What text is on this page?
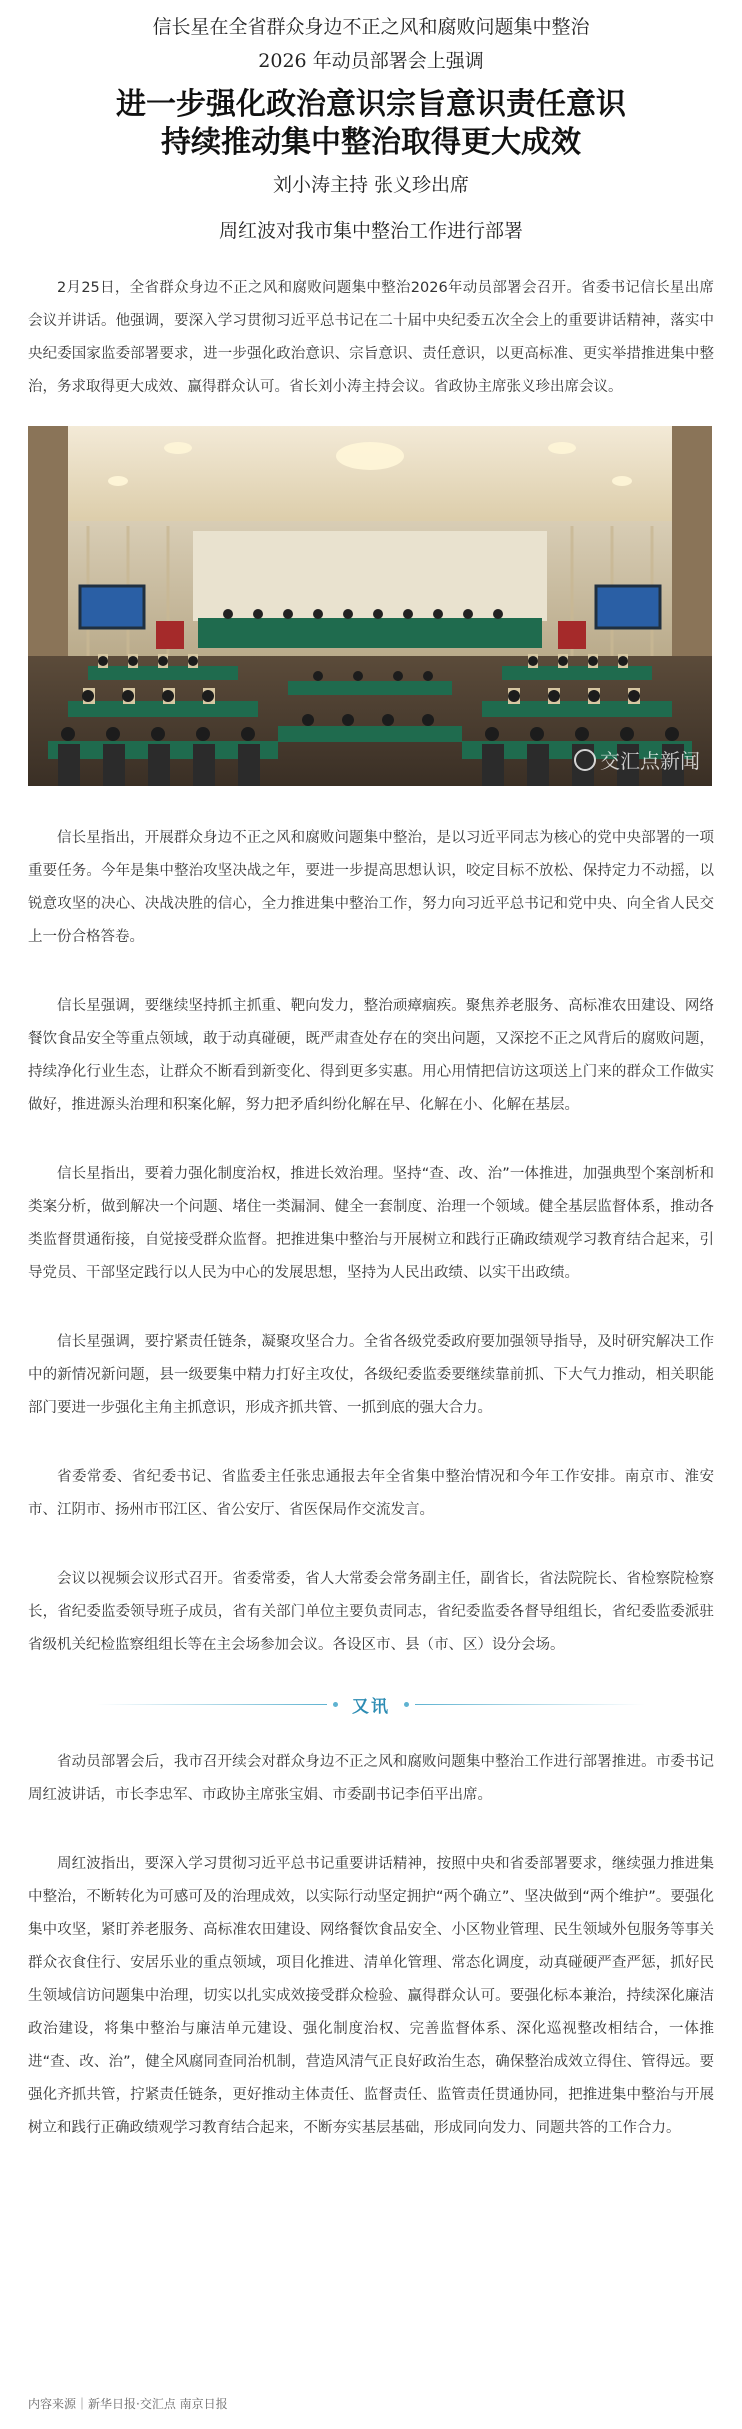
信长星在全省群众身边不正之风和腐败问题集中整治
2026 年动员部署会上强调
进一步强化政治意识宗旨意识责任意识
持续推动集中整治取得更大成效
刘小涛主持 张义珍出席
周红波对我市集中整治工作进行部署

2月25日，全省群众身边不正之风和腐败问题集中整治2026年动员部署会召开。省委书记信长星出席会议并讲话。他强调，要深入学习贯彻习近平总书记在二十届中央纪委五次全会上的重要讲话精神，落实中央纪委国家监委部署要求，进一步强化政治意识、宗旨意识、责任意识，以更高标准、更实举措推进集中整治，务求取得更大成效、赢得群众认可。省长刘小涛主持会议。省政协主席张义珍出席会议。

交汇点新闻

信长星指出，开展群众身边不正之风和腐败问题集中整治，是以习近平同志为核心的党中央部署的一项重要任务。今年是集中整治攻坚决战之年，要进一步提高思想认识，咬定目标不放松、保持定力不动摇，以锐意攻坚的决心、决战决胜的信心，全力推进集中整治工作，努力向习近平总书记和党中央、向全省人民交上一份合格答卷。

信长星强调，要继续坚持抓主抓重、靶向发力，整治顽瘴痼疾。聚焦养老服务、高标准农田建设、网络餐饮食品安全等重点领域，敢于动真碰硬，既严肃查处存在的突出问题，又深挖不正之风背后的腐败问题，持续净化行业生态，让群众不断看到新变化、得到更多实惠。用心用情把信访这项送上门来的群众工作做实做好，推进源头治理和积案化解，努力把矛盾纠纷化解在早、化解在小、化解在基层。

信长星指出，要着力强化制度治权，推进长效治理。坚持“查、改、治”一体推进，加强典型个案剖析和类案分析，做到解决一个问题、堵住一类漏洞、健全一套制度、治理一个领域。健全基层监督体系，推动各类监督贯通衔接，自觉接受群众监督。把推进集中整治与开展树立和践行正确政绩观学习教育结合起来，引导党员、干部坚定践行以人民为中心的发展思想，坚持为人民出政绩、以实干出政绩。

信长星强调，要拧紧责任链条，凝聚攻坚合力。全省各级党委政府要加强领导指导，及时研究解决工作中的新情况新问题，县一级要集中精力打好主攻仗，各级纪委监委要继续靠前抓、下大气力推动，相关职能部门要进一步强化主角主抓意识，形成齐抓共管、一抓到底的强大合力。

省委常委、省纪委书记、省监委主任张忠通报去年全省集中整治情况和今年工作安排。南京市、淮安市、江阴市、扬州市邗江区、省公安厅、省医保局作交流发言。

会议以视频会议形式召开。省委常委，省人大常委会常务副主任，副省长，省法院院长、省检察院检察长，省纪委监委领导班子成员，省有关部门单位主要负责同志，省纪委监委各督导组组长，省纪委监委派驻省级机关纪检监察组组长等在主会场参加会议。各设区市、县（市、区）设分会场。

又讯

省动员部署会后，我市召开续会对群众身边不正之风和腐败问题集中整治工作进行部署推进。市委书记周红波讲话，市长李忠军、市政协主席张宝娟、市委副书记李佰平出席。

周红波指出，要深入学习贯彻习近平总书记重要讲话精神，按照中央和省委部署要求，继续强力推进集中整治，不断转化为可感可及的治理成效，以实际行动坚定拥护“两个确立”、坚决做到“两个维护”。要强化集中攻坚，紧盯养老服务、高标准农田建设、网络餐饮食品安全、小区物业管理、民生领域外包服务等事关群众衣食住行、安居乐业的重点领域，项目化推进、清单化管理、常态化调度，动真碰硬严查严惩，抓好民生领域信访问题集中治理，切实以扎实成效接受群众检验、赢得群众认可。要强化标本兼治，持续深化廉洁政治建设，将集中整治与廉洁单元建设、强化制度治权、完善监督体系、深化巡视整改相结合，一体推进“查、改、治”，健全风腐同查同治机制，营造风清气正良好政治生态，确保整治成效立得住、管得远。要强化齐抓共管，拧紧责任链条，更好推动主体责任、监督责任、监管责任贯通协同，把推进集中整治与开展树立和践行正确政绩观学习教育结合起来，不断夯实基层基础，形成同向发力、同题共答的工作合力。

内容来源｜新华日报·交汇点 南京日报
